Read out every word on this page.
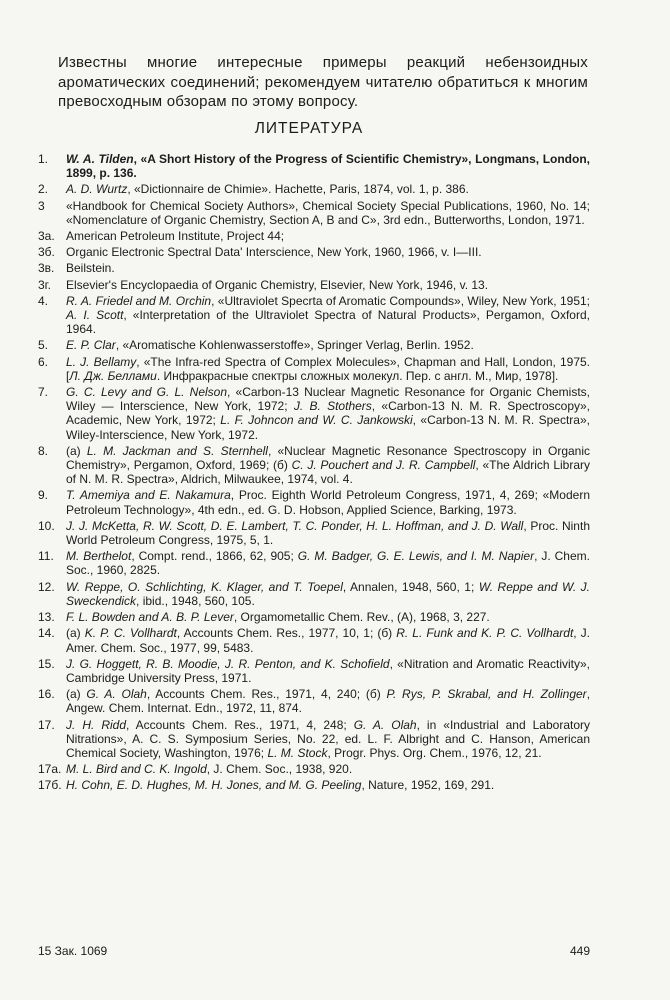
Известны многие интересные примеры реакций небензоидных ароматических соединений; рекомендуем читателю обратиться к многим превосходным обзорам по этому вопросу.

ЛИТЕРАТУРА
1.	W. A. Tilden, «A Short History of the Progress of Scientific Chemistry», Longmans, London, 1899, p. 136.
2.	A. D. Wurtz, «Dictionnaire de Chimie». Hachette, Paris, 1874, vol. 1, p. 386.
3	«Handbook for Chemical Society Authors», Chemical Society Special Publications, 1960, No. 14; «Nomenclature of Organic Chemistry, Section A, B and C», 3rd edn., Butterworths, London, 1971.
3a. American Petroleum Institute, Project 44;
3б. Organic Electronic Spectral Data' Interscience, New York, 1960, 1966, v. I—III.
3в. Beilstein.
3г.	Elsevier's Encyclopaedia of Organic Chemistry, Elsevier, New York, 1946, v. 13.
4.	R. A. Friedel and M. Orchin, «Ultraviolet Specrta of Aromatic Compounds», Wiley, New York, 1951; A. I. Scott, «Interpretation of the Ultraviolet Spectra of Natural Products», Pergamon, Oxford, 1964.
5.	E. P. Clar, «Aromatische Kohlenwasserstoffe», Springer Verlag, Berlin. 1952.
6.	L. J. Bellamy, «The Infra-red Spectra of Complex Molecules», Chapman and Hall, London, 1975. [Л. Дж. Беллами. Инфракрасные спектры сложных молекул. Пер. с англ. М., Мир, 1978].
7.	G. C. Levy and G. L. Nelson, «Carbon-13 Nuclear Magnetic Resonance for Organic Chemists, Wiley — Interscience, New York, 1972; J. B. Stothers, «Carbon-13 N. M. R. Spectroscopy», Academic, New York, 1972; L. F. Johncon and W. C. Jankowski, «Carbon-13 N. M. R. Spectra», Wiley-Interscience, New York, 1972.
8.	(a) L. M. Jackman and S. Sternhell, «Nuclear Magnetic Resonance Spectroscopy in Organic Chemistry», Pergamon, Oxford, 1969; (б) C. J. Pouchert and J. R. Campbell, «The Aldrich Library of N. M. R. Spectra», Aldrich, Milwaukee, 1974, vol. 4.
9.	T. Amemiya and E. Nakamura, Proc. Eighth World Petroleum Congress, 1971, 4, 269; «Modern Petroleum Technology», 4th edn., ed. G. D. Hobson, Applied Science, Barking, 1973.
10. J. J. McKetta, R. W. Scott, D. E. Lambert, T. C. Ponder, H. L. Hoffman, and J. D. Wall, Proc. Ninth World Petroleum Congress, 1975, 5, 1.
11.	M. Berthelot, Compt. rend., 1866, 62, 905; G. M. Badger, G. E. Lewis, and I. M. Napier, J. Chem. Soc., 1960, 2825.
12. W. Reppe, O. Schlichting, K. Klager, and T. Toepel, Annalen, 1948, 560, 1; W. Reppe and W. J. Sweckendick, ibid., 1948, 560, 105.
13. F. L. Bowden and A. B. P. Lever, Orgamometallic Chem. Rev., (A), 1968, 3, 227.
14. (a) K. P. C. Vollhardt, Accounts Chem. Res., 1977, 10, 1; (б) R. L. Funk and K. P. C. Vollhardt, J. Amer. Chem. Soc., 1977, 99, 5483.
15. J. G. Hoggett, R. B. Moodie, J. R. Penton, and K. Schofield, «Nitration and Aromatic Reactivity», Cambridge University Press, 1971.
16. (a) G. A. Olah, Accounts Chem. Res., 1971, 4, 240; (б) P. Rys, P. Skrabal, and H. Zollinger, Angew. Chem. Internat. Edn., 1972, 11, 874.
17. J. H. Ridd, Accounts Chem. Res., 1971, 4, 248; G. A. Olah, in «Industrial and Laboratory Nitrations», A. C. S. Symposium Series, No. 22, ed. L. F. Albright and C. Hanson, American Chemical Society, Washington, 1976; L. M. Stock, Progr. Phys. Org. Chem., 1976, 12, 21.
17а. M. L. Bird and C. K. Ingold, J. Chem. Soc., 1938, 920.
17б. H. Cohn, E. D. Hughes, M. H. Jones, and M. G. Peeling, Nature, 1952, 169, 291.
15 Зак. 1069	449
